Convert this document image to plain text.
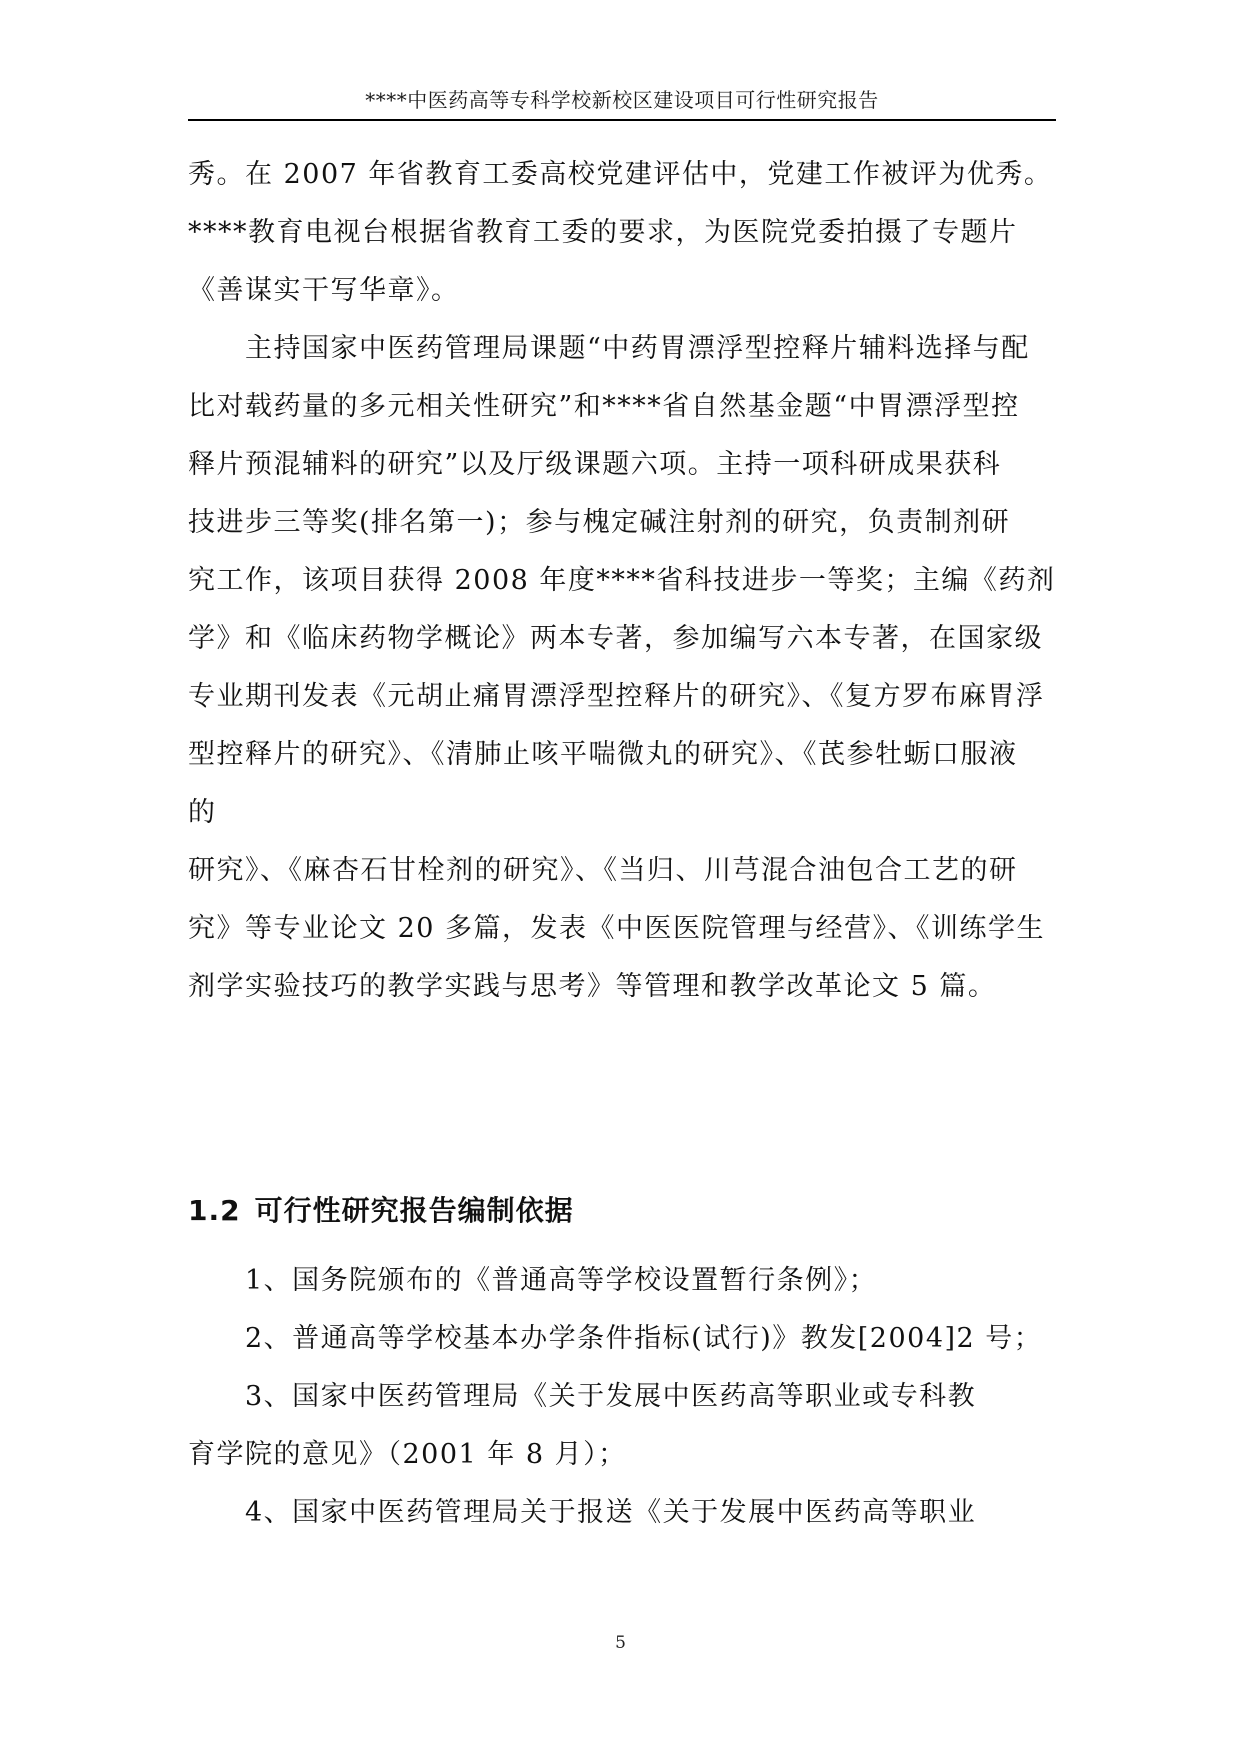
****中医药高等专科学校新校区建设项目可行性研究报告
秀。在 2007 年省教育工委高校党建评估中，党建工作被评为优秀。
****教育电视台根据省教育工委的要求，为医院党委拍摄了专题片
《善谋实干写华章》。
主持国家中医药管理局课题“中药胃漂浮型控释片辅料选择与配
比对载药量的多元相关性研究”和****省自然基金题“中胃漂浮型控
释片预混辅料的研究”以及厅级课题六项。主持一项科研成果获科
技进步三等奖(排名第一)；参与槐定碱注射剂的研究，负责制剂研
究工作，该项目获得 2008 年度****省科技进步一等奖；主编《药剂
学》和《临床药物学概论》两本专著，参加编写六本专著，在国家级
专业期刊发表《元胡止痛胃漂浮型控释片的研究》、《复方罗布麻胃浮
型控释片的研究》、《清肺止咳平喘微丸的研究》、《芪参牡蛎口服液
的
研究》、《麻杏石甘栓剂的研究》、《当归、川芎混合油包合工艺的研
究》等专业论文 20 多篇，发表《中医医院管理与经营》、《训练学生
剂学实验技巧的教学实践与思考》等管理和教学改革论文 5 篇。
1.2 可行性研究报告编制依据
1、国务院颁布的《普通高等学校设置暂行条例》；
2、普通高等学校基本办学条件指标(试行)》教发[2004]2 号；
3、国家中医药管理局《关于发展中医药高等职业或专科教
育学院的意见》（2001 年 8 月）；
4、国家中医药管理局关于报送《关于发展中医药高等职业
5
